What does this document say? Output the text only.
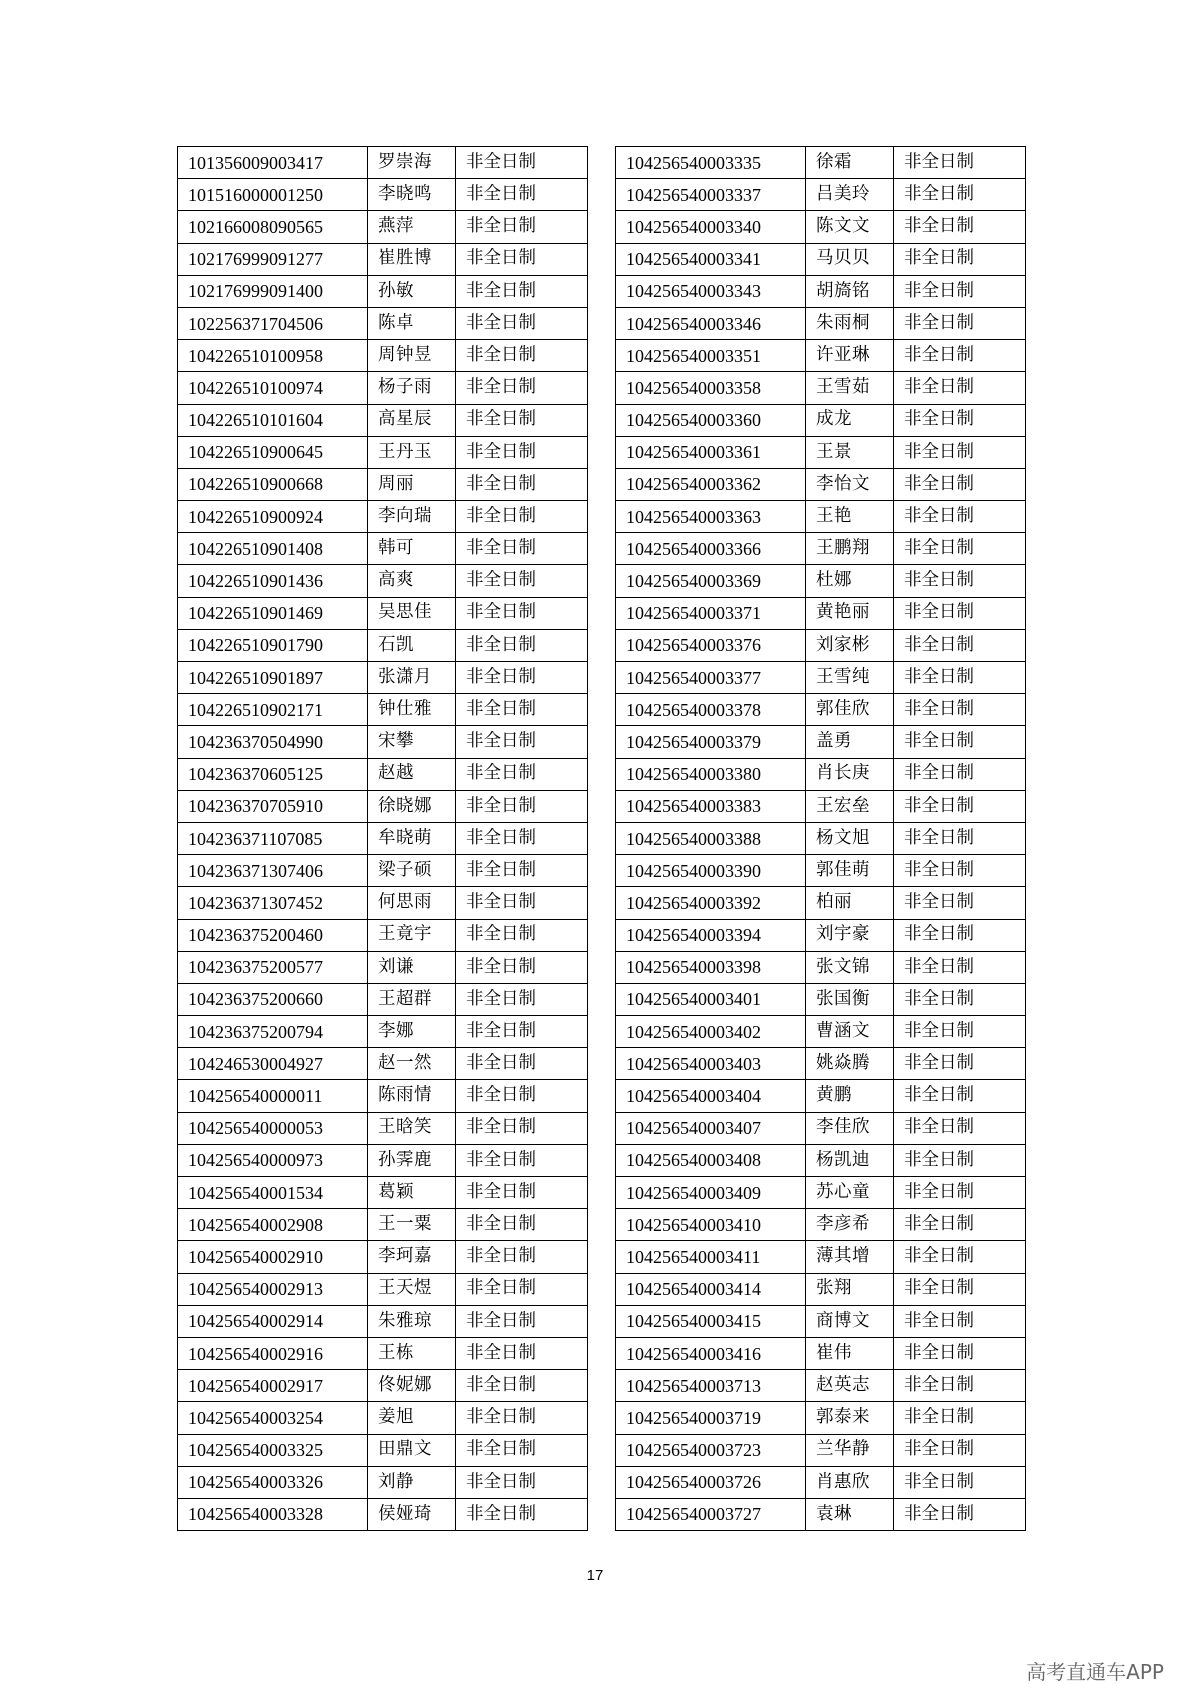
101356009003417	罗崇海	非全日制
101516000001250	李晓鸣	非全日制
102166008090565	燕萍	非全日制
102176999091277	崔胜博	非全日制
102176999091400	孙敏	非全日制
102256371704506	陈卓	非全日制
104226510100958	周钟昱	非全日制
104226510100974	杨子雨	非全日制
104226510101604	高星辰	非全日制
104226510900645	王丹玉	非全日制
104226510900668	周丽	非全日制
104226510900924	李向瑞	非全日制
104226510901408	韩可	非全日制
104226510901436	高爽	非全日制
104226510901469	吴思佳	非全日制
104226510901790	石凯	非全日制
104226510901897	张潇月	非全日制
104226510902171	钟仕雅	非全日制
104236370504990	宋攀	非全日制
104236370605125	赵越	非全日制
104236370705910	徐晓娜	非全日制
104236371107085	牟晓萌	非全日制
104236371307406	梁子硕	非全日制
104236371307452	何思雨	非全日制
104236375200460	王竟宇	非全日制
104236375200577	刘谦	非全日制
104236375200660	王超群	非全日制
104236375200794	李娜	非全日制
104246530004927	赵一然	非全日制
104256540000011	陈雨情	非全日制
104256540000053	王晗笑	非全日制
104256540000973	孙霁鹿	非全日制
104256540001534	葛颖	非全日制
104256540002908	王一粟	非全日制
104256540002910	李珂嘉	非全日制
104256540002913	王天煜	非全日制
104256540002914	朱雅琼	非全日制
104256540002916	王栋	非全日制
104256540002917	佟妮娜	非全日制
104256540003254	姜旭	非全日制
104256540003325	田鼎文	非全日制
104256540003326	刘静	非全日制
104256540003328	侯娅琦	非全日制
104256540003335	徐霜	非全日制
104256540003337	吕美玲	非全日制
104256540003340	陈文文	非全日制
104256540003341	马贝贝	非全日制
104256540003343	胡旖铭	非全日制
104256540003346	朱雨桐	非全日制
104256540003351	许亚琳	非全日制
104256540003358	王雪茹	非全日制
104256540003360	成龙	非全日制
104256540003361	王景	非全日制
104256540003362	李怡文	非全日制
104256540003363	王艳	非全日制
104256540003366	王鹏翔	非全日制
104256540003369	杜娜	非全日制
104256540003371	黄艳丽	非全日制
104256540003376	刘家彬	非全日制
104256540003377	王雪纯	非全日制
104256540003378	郭佳欣	非全日制
104256540003379	盖勇	非全日制
104256540003380	肖长庚	非全日制
104256540003383	王宏垒	非全日制
104256540003388	杨文旭	非全日制
104256540003390	郭佳萌	非全日制
104256540003392	柏丽	非全日制
104256540003394	刘宇豪	非全日制
104256540003398	张文锦	非全日制
104256540003401	张国衡	非全日制
104256540003402	曹涵文	非全日制
104256540003403	姚焱腾	非全日制
104256540003404	黄鹏	非全日制
104256540003407	李佳欣	非全日制
104256540003408	杨凯迪	非全日制
104256540003409	苏心童	非全日制
104256540003410	李彦希	非全日制
104256540003411	薄其增	非全日制
104256540003414	张翔	非全日制
104256540003415	商博文	非全日制
104256540003416	崔伟	非全日制
104256540003713	赵英志	非全日制
104256540003719	郭泰来	非全日制
104256540003723	兰华静	非全日制
104256540003726	肖惠欣	非全日制
104256540003727	袁琳	非全日制
17
高考直通车APP
